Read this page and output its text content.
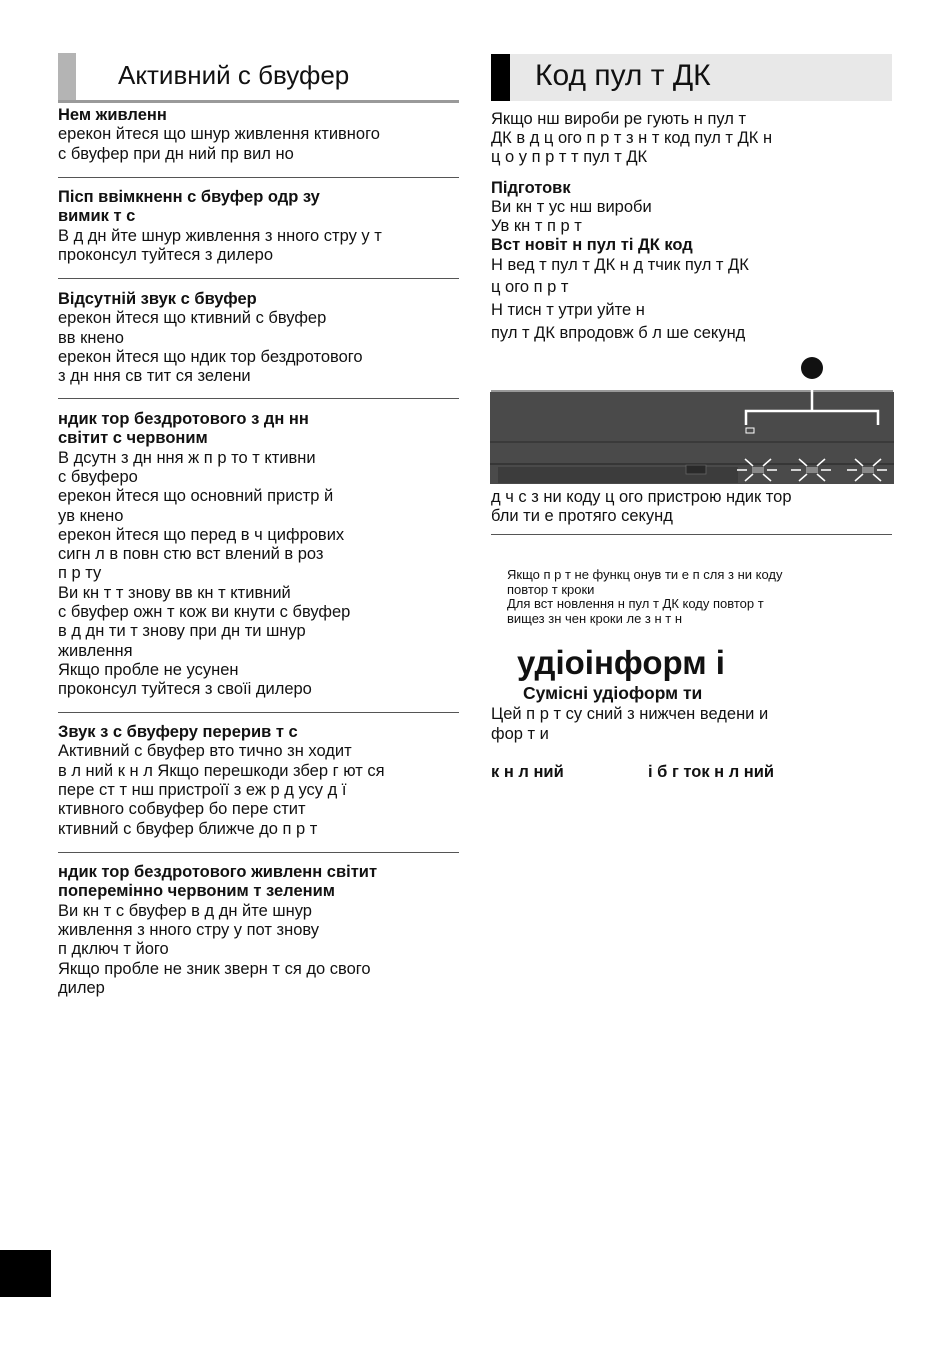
Активний с бвуфер
Нем живленн
ерекон йтеся що шнур живлення ктивного
с бвуфер при дн ний пр вил но
Пісп ввімкненн с бвуфер одр зу
вимик т с
В д дн йте шнур живлення з нного стру у т
проконсул туйтеся з дилеро
Відсутній звук с бвуфер
ерекон йтеся що ктивний с бвуфер
вв кнено
ерекон йтеся що ндик тор бездротового
з дн ння св тит ся зелени
ндик тор бездротового з дн нн
світит с червоним
В дсутн з дн ння ж п р то т ктивни
с бвуферо
ерекон йтеся що основний пристр й
ув кнено
ерекон йтеся що перед в ч цифрових
сигн л в повн стю вст влений в роз
п р ту
Ви кн т т знову вв кн т ктивний
с бвуфер ожн т кож ви кнути с бвуфер
в д дн ти т знову при дн ти шнур
живлення
Якщо пробле не усунен
проконсул туйтеся з своїі дилеро
Звук з с бвуферу перерив т с
Активний с бвуфер вто тично зн ходит
в л ний к н л Якщо перешкоди збер г ют ся
пере ст т нш пристроїї з еж р д усу д ї
ктивного собвуфер бо пере стит
ктивний с бвуфер ближче до п р т
ндик тор бездротового живленн світит
поперемінно червоним т зеленим
Ви кн т с бвуфер в д дн йте шнур
живлення з нного стру у пот знову
п дключ т його
Якщо пробле не зник зверн т ся до свого
дилер
Код пул т ДК
Якщо нш вироби ре гують н пул т
ДК в д ц ого п р т з н т код пул т ДК н
ц о у п р т т пул т ДК
Підготовк
Ви кн т ус нш вироби
Ув кн т п р т
Вст новіт н пул ті ДК код
Н вед т пул т ДК н д тчик пул т ДК
ц ого п р т
Н тисн т утри уйте н
пул т ДК впродовж б л ше секунд
д ч с з ни коду ц ого пристрою ндик тор
бли ти е протяго секунд
Якщо п р т не функц онув ти е п сля з ни коду
повтор т кроки
Для вст новлення н пул т ДК коду повтор т
вищез зн чен кроки ле з н т н
удіоінформ і
Сумісні удіоформ ти
Цей п р т су сний з нижчен ведени и
фор т и
к н л ний	і б г ток н л ний
